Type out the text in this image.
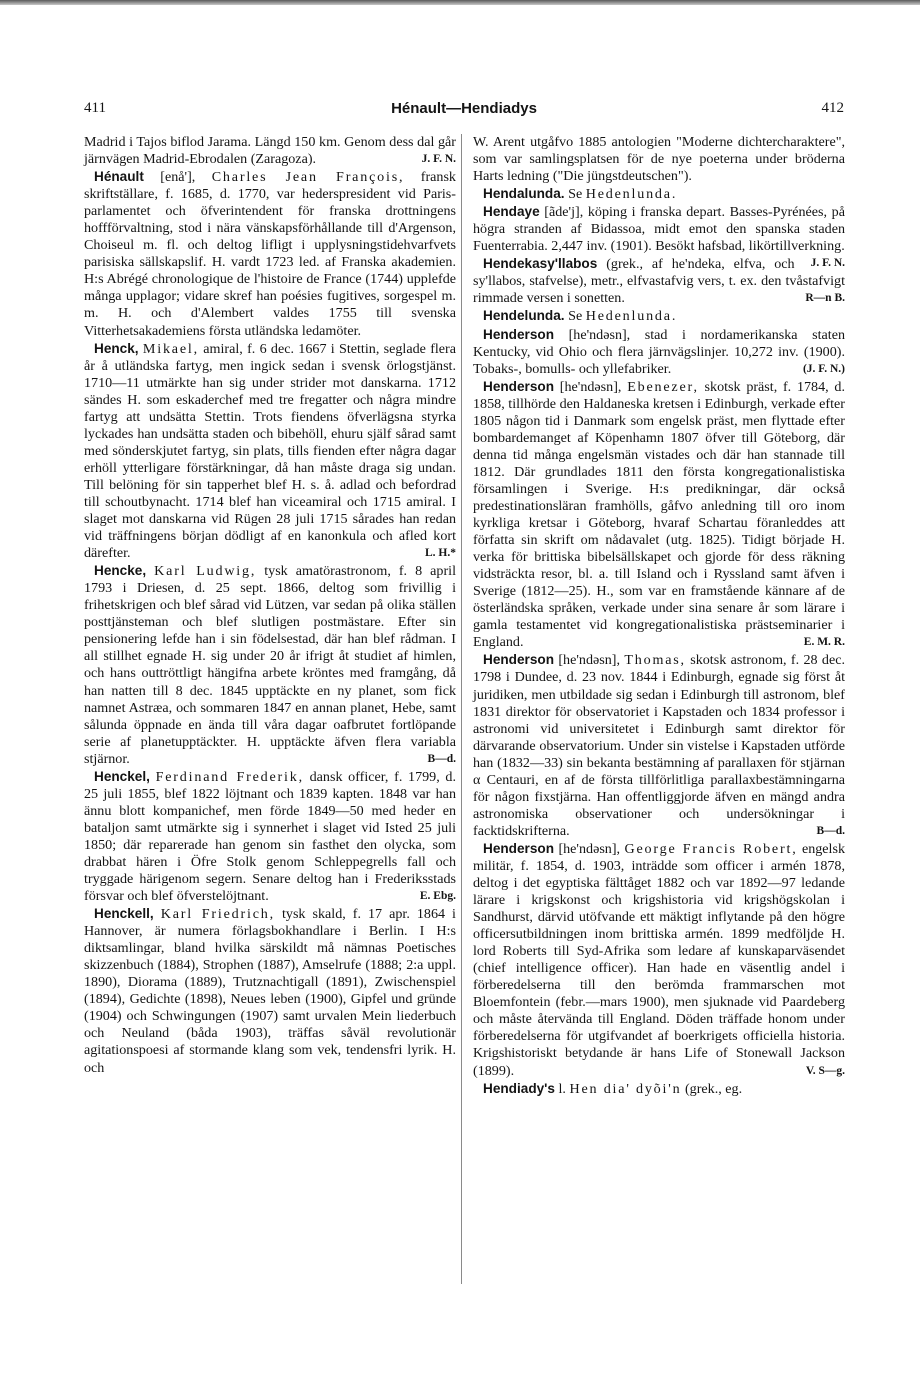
411	Hénault—Hendiadys	412

Madrid i Tajos biflod Jarama. Längd 150 km. Genom dess dal går järnvägen Madrid-Ebrodalen (Zaragoza).	J. F. N.

Hénault [enå'], Charles Jean François, fransk skriftställare, f. 1685, d. 1770, var hederspresident vid Paris-parlamentet och öfverintendent för franska drottningens hoffförvaltning, stod i nära vänskapsförhållande till d'Argenson, Choiseul m. fl. och deltog lifligt i upplysningstidehvarfvets parisiska sällskapslif. H. vardt 1723 led. af Franska akademien. H:s Abrégé chronologique de l'histoire de France (1744) upplefde många upplagor; vidare skref han poésies fugitives, sorgespel m. m. H. och d'Alembert valdes 1755 till svenska Vitterhetsakademiens första utländska ledamöter.

Henck, Mikael, amiral, f. 6 dec. 1667 i Stettin, seglade flera år å utländska fartyg, men ingick sedan i svensk örlogstjänst. 1710—11 utmärkte han sig under strider mot danskarna. 1712 sändes H. som eskaderchef med tre fregatter och några mindre fartyg att undsätta Stettin. Trots fiendens öfverlägsna styrka lyckades han undsätta staden och bibehöll, ehuru själf sårad samt med sönderskjutet fartyg, sin plats, tills fienden efter några dagar erhöll ytterligare förstärkningar, då han måste draga sig undan. Till belöning för sin tapperhet blef H. s. å. adlad och befordrad till schoutbynacht. 1714 blef han viceamiral och 1715 amiral. I slaget mot danskarna vid Rügen 28 juli 1715 sårades han redan vid träffningens början dödligt af en kanonkula och afled kort därefter.	L. H.*

Hencke, Karl Ludwig, tysk amatörastronom, f. 8 april 1793 i Driesen, d. 25 sept. 1866, deltog som frivillig i frihetskrigen och blef sårad vid Lützen, var sedan på olika ställen posttjänsteman och blef slutligen postmästare. Efter sin pensionering lefde han i sin födelsestad, där han blef rådman. I all stillhet egnade H. sig under 20 år ifrigt åt studiet af himlen, och hans outtröttligt hängifna arbete kröntes med framgång, då han natten till 8 dec. 1845 upptäckte en ny planet, som fick namnet Astræa, och sommaren 1847 en annan planet, Hebe, samt sålunda öppnade en ända till våra dagar oafbrutet fortlöpande serie af planetupptäckter. H. upptäckte äfven flera variabla stjärnor.	B—d.

Henckel, Ferdinand Frederik, dansk officer, f. 1799, d. 25 juli 1855, blef 1822 löjtnant och 1839 kapten. 1848 var han ännu blott kompanichef, men förde 1849—50 med heder en bataljon samt utmärkte sig i synnerhet i slaget vid Isted 25 juli 1850; där reparerade han genom sin fasthet den olycka, som drabbat hären i Öfre Stolk genom Schleppegrells fall och tryggade härigenom segern. Senare deltog han i Frederiksstads försvar och blef öfverstelöjtnant.	E. Ebg.

Henckell, Karl Friedrich, tysk skald, f. 17 apr. 1864 i Hannover, är numera förlagsbokhandlare i Berlin. I H:s diktsamlingar, bland hvilka särskildt må nämnas Poetisches skizzenbuch (1884), Strophen (1887), Amselrufe (1888; 2:a uppl. 1890), Diorama (1889), Trutznachtigall (1891), Zwischenspiel (1894), Gedichte (1898), Neues leben (1900), Gipfel und gründe (1904) och Schwingungen (1907) samt urvalen Mein liederbuch och Neuland (båda 1903), träffas såväl revolutionär agitationspoesi af stormande klang som vek, tendensfri lyrik. H. och

W. Arent utgåfvo 1885 antologien "Moderne dichtercharaktere", som var samlingsplatsen för de nye poeterna under bröderna Harts ledning ("Die jüngstdeutschen").

Hendalunda. Se Hedenlunda.

Hendaye [ãde'j], köping i franska depart. Basses-Pyrénées, på högra stranden af Bidassoa, midt emot den spanska staden Fuenterrabia. 2,447 inv. (1901). Besökt hafsbad, likörtillverkning.
J. F. N.

Hendekasy'llabos (grek., af he'ndeka, elfva, och sy'llabos, stafvelse), metr., elfvastafvig vers, t. ex. den tvåstafvigt rimmade versen i sonetten.	R—n B.

Hendelunda. Se Hedenlunda.

Henderson [he'ndəsn], stad i nordamerikanska staten Kentucky, vid Ohio och flera järnvägslinjer. 10,272 inv. (1900). Tobaks-, bomulls- och yllefabriker.	(J. F. N.)

Henderson [he'ndəsn], Ebenezer, skotsk präst, f. 1784, d. 1858, tillhörde den Haldaneska kretsen i Edinburgh, verkade efter 1805 någon tid i Danmark som engelsk präst, men flyttade efter bombardemanget af Köpenhamn 1807 öfver till Göteborg, där denna tid många engelsmän vistades och där han stannade till 1812. Där grundlades 1811 den första kongregationalistiska församlingen i Sverige. H:s predikningar, där också predestinationsläran framhölls, gåfvo anledning till oro inom kyrkliga kretsar i Göteborg, hvaraf Schartau föranleddes att författa sin skrift om nådavalet (utg. 1825). Tidigt började H. verka för brittiska bibelsällskapet och gjorde för dess räkning vidsträckta resor, bl. a. till Island och i Ryssland samt äfven i Sverige (1812—25). H., som var en framstående kännare af de österländska språken, verkade under sina senare år som lärare i gamla testamentet vid kongregationalistiska prästseminarier i England.	E. M. R.

Henderson [he'ndəsn], Thomas, skotsk astronom, f. 28 dec. 1798 i Dundee, d. 23 nov. 1844 i Edinburgh, egnade sig först åt juridiken, men utbildade sig sedan i Edinburgh till astronom, blef 1831 direktor för observatoriet i Kapstaden och 1834 professor i astronomi vid universitetet i Edinburgh samt direktor för därvarande observatorium. Under sin vistelse i Kapstaden utförde han (1832—33) sin bekanta bestämning af parallaxen för stjärnan α Centauri, en af de första tillförlitliga parallaxbestämningarna för någon fixstjärna. Han offentliggjorde äfven en mängd andra astronomiska observationer och undersökningar i facktidskrifterna.	B—d.

Henderson [he'ndəsn], George Francis Robert, engelsk militär, f. 1854, d. 1903, inträdde som officer i armén 1878, deltog i det egyptiska fälttåget 1882 och var 1892—97 ledande lärare i krigskonst och krigshistoria vid krigshögskolan i Sandhurst, därvid utöfvande ett mäktigt inflytande på den högre officersutbildningen inom brittiska armén. 1899 medföljde H. lord Roberts till Syd-Afrika som ledare af kunskaparväsendet (chief intelligence officer). Han hade en väsentlig andel i förberedelserna till den berömda frammarschen mot Bloemfontein (febr.—mars 1900), men sjuknade vid Paardeberg och måste återvända till England. Döden träffade honom under förberedelserna för utgifvandet af boerkrigets officiella historia. Krigshistoriskt betydande är hans Life of Stonewall Jackson (1899).	V. S—g.

Hendiady's l. Hen dia' dyõi'n (grek., eg.
